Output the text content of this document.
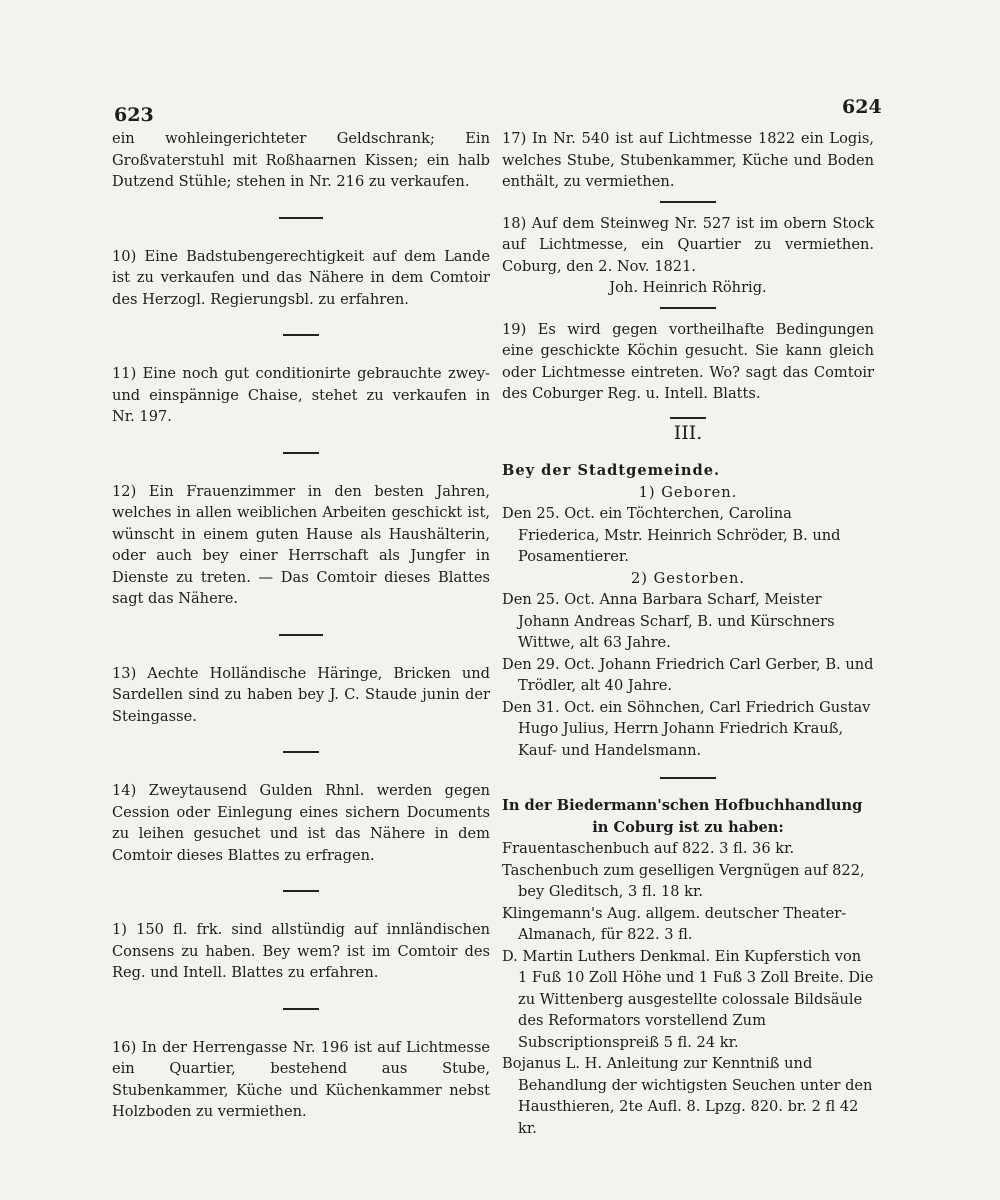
623	624

ein wohleingerichteter Geldschrank; Ein Großvaterstuhl mit Roßhaarnen Kissen; ein halb Dutzend Stühle; stehen in Nr. 216 zu verkaufen.

10) Eine Badstubengerechtigkeit auf dem Lande ist zu verkaufen und das Nähere in dem Comtoir des Herzogl. Regierungsbl. zu erfahren.

11) Eine noch gut conditionirte gebrauchte zwey- und einspännige Chaise, stehet zu verkaufen in Nr. 197.

12) Ein Frauenzimmer in den besten Jahren, welches in allen weiblichen Arbeiten geschickt ist, wünscht in einem guten Hause als Haushälterin, oder auch bey einer Herrschaft als Jungfer in Dienste zu treten. — Das Comtoir dieses Blattes sagt das Nähere.

13) Aechte Holländische Häringe, Bricken und Sardellen sind zu haben bey J. C. Staude junin der Steingasse.

14) Zweytausend Gulden Rhnl. werden gegen Cession oder Einlegung eines sichern Documents zu leihen gesuchet und ist das Nähere in dem Comtoir dieses Blattes zu erfragen.

1) 150 fl. frk. sind allstündig auf innländischen Consens zu haben. Bey wem? ist im Comtoir des Reg. und Intell. Blattes zu erfahren.

16) In der Herrengasse Nr. 196 ist auf Lichtmesse ein Quartier, bestehend aus Stube, Stubenkammer, Küche und Küchenkammer nebst Holzboden zu vermiethen.

17) In Nr. 540 ist auf Lichtmesse 1822 ein Logis, welches Stube, Stubenkammer, Küche und Boden enthält, zu vermiethen.

18) Auf dem Steinweg Nr. 527 ist im obern Stock auf Lichtmesse, ein Quartier zu vermiethen. Coburg, den 2. Nov. 1821.

Joh. Heinrich Röhrig.

19) Es wird gegen vortheilhafte Bedingungen eine geschickte Köchin gesucht. Sie kann gleich oder Lichtmesse eintreten. Wo? sagt das Comtoir des Coburger Reg. u. Intell. Blatts.

III.

Bey der Stadtgemeinde.

1) Geboren.

Den 25. Oct. ein Töchterchen, Carolina Friederica, Mstr. Heinrich Schröder, B. und Posamentierer.

2) Gestorben.

Den 25. Oct. Anna Barbara Scharf, Meister Johann Andreas Scharf, B. und Kürschners Wittwe, alt 63 Jahre.

Den 29. Oct. Johann Friedrich Carl Gerber, B. und Trödler, alt 40 Jahre.

Den 31. Oct. ein Söhnchen, Carl Friedrich Gustav Hugo Julius, Herrn Johann Friedrich Krauß, Kauf- und Handelsmann.

In der Biedermann'schen Hofbuchhandlung

in Coburg ist zu haben:

Frauentaschenbuch auf 822. 3 fl. 36 kr.

Taschenbuch zum geselligen Vergnügen auf 822, bey Gleditsch, 3 fl. 18 kr.

Klingemann's Aug. allgem. deutscher Theater-Almanach, für 822. 3 fl.

D. Martin Luthers Denkmal. Ein Kupferstich von 1 Fuß 10 Zoll Höhe und 1 Fuß 3 Zoll Breite. Die zu Wittenberg ausgestellte colossale Bildsäule des Reformators vorstellend Zum Subscriptionspreiß 5 fl. 24 kr.

Bojanus L. H. Anleitung zur Kenntniß und Behandlung der wichtigsten Seuchen unter den Hausthieren, 2te Aufl. 8. Lpzg. 820. br. 2 fl 42 kr.
